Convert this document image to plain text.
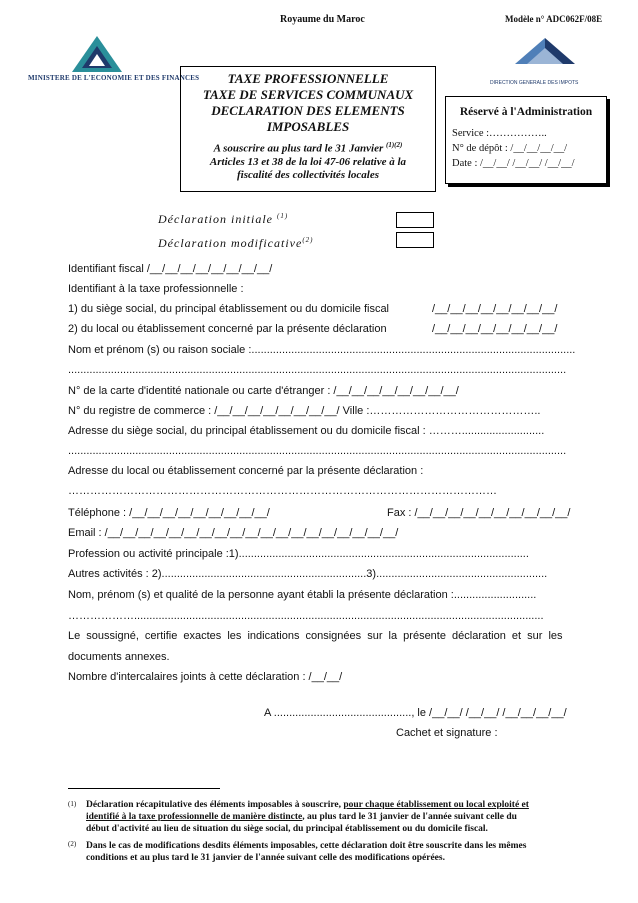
Royaume du Maroc	Modèle n° ADC062F/08E
MINISTERE DE L'ECONOMIE ET DES FINANCES
DIRECTION GENERALE DES IMPOTS
TAXE PROFESSIONNELLE
TAXE DE SERVICES COMMUNAUX
DECLARATION DES ELEMENTS
IMPOSABLES
A souscrire au plus tard le 31 Janvier $^{(1)(2)}$
Articles 13 et 38 de la loi 47-06 relative à la
fiscalité des collectivités locales
Réservé à l'Administration
Service :……………..
N° de dépôt : /__/__/__/__/
Date : /__/__/ /__/__/ /__/__/
Déclaration initiale $^{(1)}$
Déclaration modificative$^{(2)}$
Identifiant fiscal /__/__/__/__/__/__/__/__/
Identifiant à la taxe professionnelle :
1) du siège social, du principal établissement ou du domicile fiscal	/__/__/__/__/__/__/__/__/
2) du local ou établissement concerné par la présente déclaration	/__/__/__/__/__/__/__/__/
Nom et prénom (s) ou raison sociale :..........................................................................................................
...................................................................................................................................................................
N° de la carte d'identité nationale ou carte d'étranger : /__/__/__/__/__/__/__/__/
N° du registre de commerce : /__/__/__/__/__/__/__/__/ Ville :………………………………………..
Adresse du siège social, du principal établissement ou du domicile fiscal : ………...........................
...................................................................................................................................................................
Adresse du local ou établissement concerné par la présente déclaration :
………………………………………………………………………………………………………
Téléphone : /__/__/__/__/__/__/__/__/__/	Fax : /__/__/__/__/__/__/__/__/__/__/
Email : /__/__/__/__/__/__/__/__/__/__/__/__/__/__/__/__/__/__/__/
Profession ou activité principale :1)...............................................................................................
Autres activités : 2)...................................................................3)........................................................
Nom, prénom (s) et qualité de la personne ayant établi la présente déclaration :...........................
………………......................................................................................................................................
Le soussigné, certifie exactes les indications consignées sur la présente déclaration et sur les
documents annexes.
Nombre d'intercalaires joints à cette déclaration : /__/__/
A ............................................., le /__/__/ /__/__/ /__/__/__/__/
Cachet et signature :
(1) Déclaration récapitulative des éléments imposables à souscrire, pour chaque établissement ou local exploité et
identifié à la taxe professionnelle de manière distincte, au plus tard le 31 janvier de l'année suivant celle du
début d'activité au lieu de situation du siège social, du principal établissement ou du domicile fiscal.
(2) Dans le cas de modifications desdits éléments imposables, cette déclaration doit être souscrite dans les mêmes
conditions et au plus tard le 31 janvier de l'année suivant celle des modifications opérées.
